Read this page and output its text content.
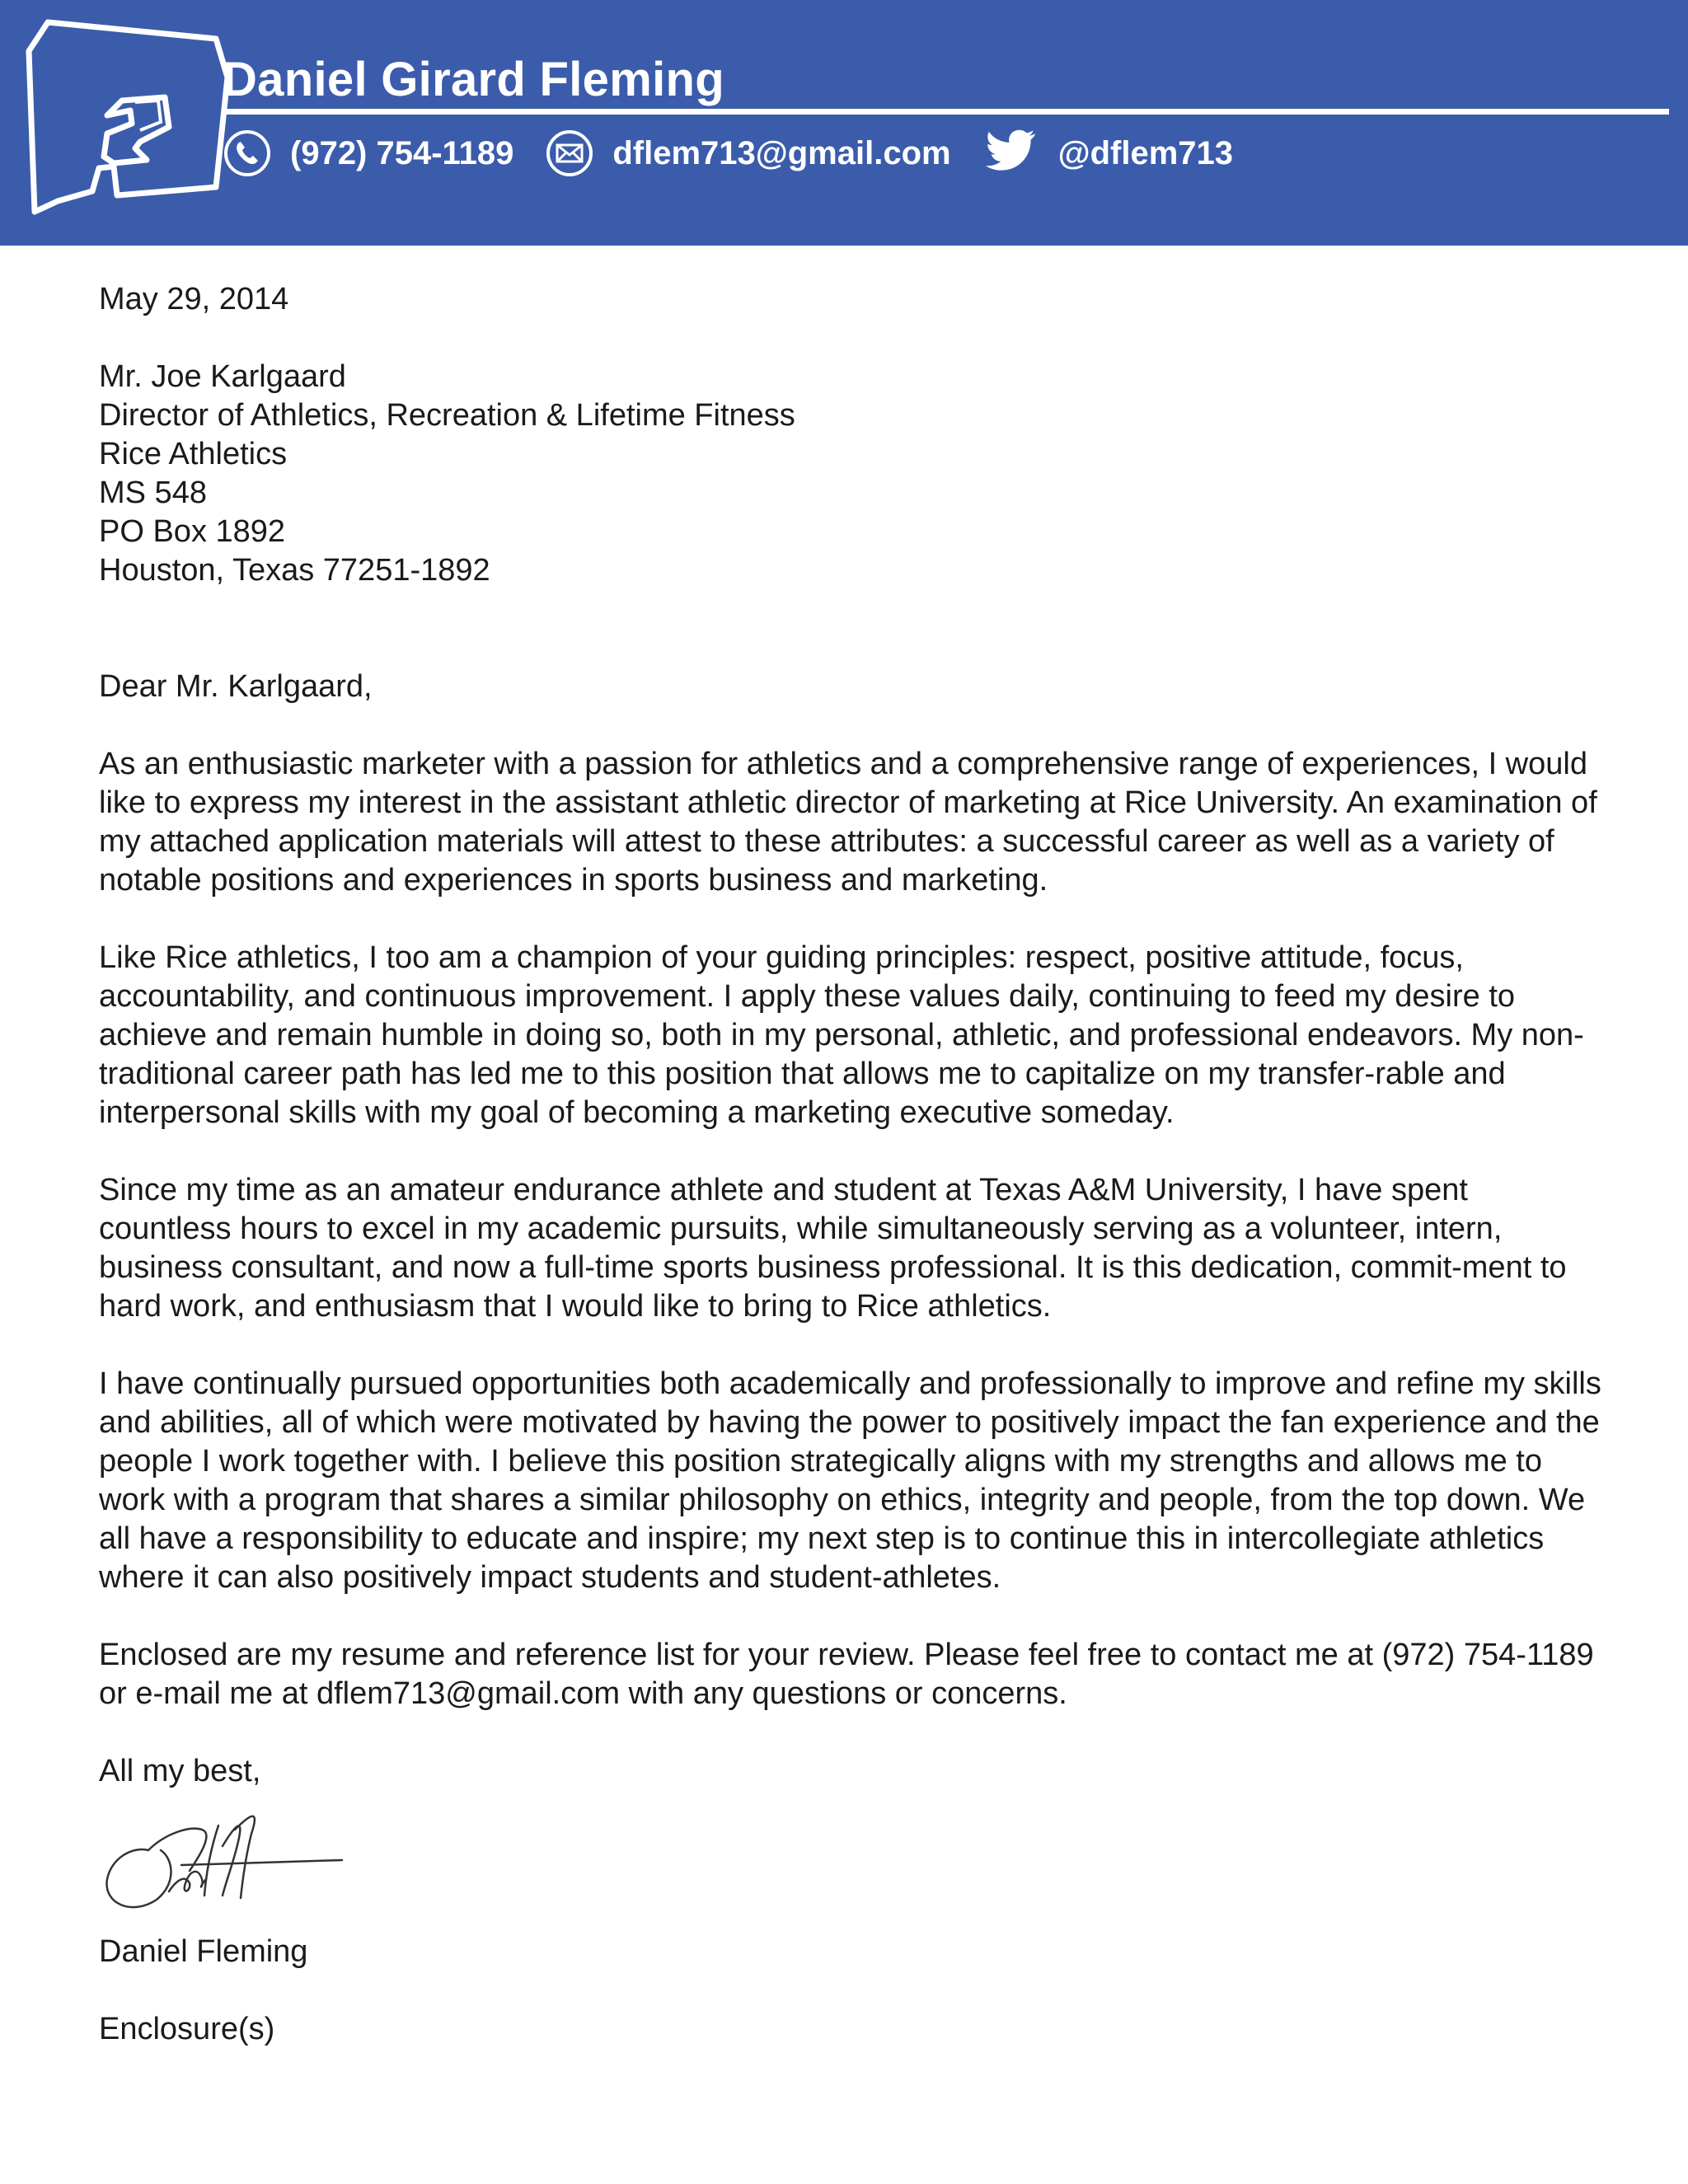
Daniel Girard Fleming
(972) 754-1189	dflem713@gmail.com	@dflem713

May 29, 2014

Mr. Joe Karlgaard
Director of Athletics, Recreation & Lifetime Fitness
Rice Athletics
MS 548
PO Box 1892
Houston, Texas 77251-1892

Dear Mr. Karlgaard,

As an enthusiastic marketer with a passion for athletics and a comprehensive range of experiences, I would like to express my interest in the assistant athletic director of marketing at Rice University. An examination of my attached application materials will attest to these attributes: a successful career as well as a variety of notable positions and experiences in sports business and marketing.

Like Rice athletics, I too am a champion of your guiding principles: respect, positive attitude, focus, accountability, and continuous improvement. I apply these values daily, continuing to feed my desire to achieve and remain humble in doing so, both in my personal, athletic, and professional endeavors. My non-traditional career path has led me to this position that allows me to capitalize on my transfer-rable and interpersonal skills with my goal of becoming a marketing executive someday.

Since my time as an amateur endurance athlete and student at Texas A&M University, I have spent countless hours to excel in my academic pursuits, while simultaneously serving as a volunteer, intern, business consultant, and now a full-time sports business professional. It is this dedication, commit-ment to hard work, and enthusiasm that I would like to bring to Rice athletics.

I have continually pursued opportunities both academically and professionally to improve and refine my skills and abilities, all of which were motivated by having the power to positively impact the fan experience and the people I work together with. I believe this position strategically aligns with my strengths and allows me to work with a program that shares a similar philosophy on ethics, integrity and people, from the top down. We all have a responsibility to educate and inspire; my next step is to continue this in intercollegiate athletics where it can also positively impact students and student-athletes.

Enclosed are my resume and reference list for your review. Please feel free to contact me at (972) 754-1189 or e-mail me at dflem713@gmail.com with any questions or concerns.

All my best,

Daniel Fleming

Enclosure(s)
